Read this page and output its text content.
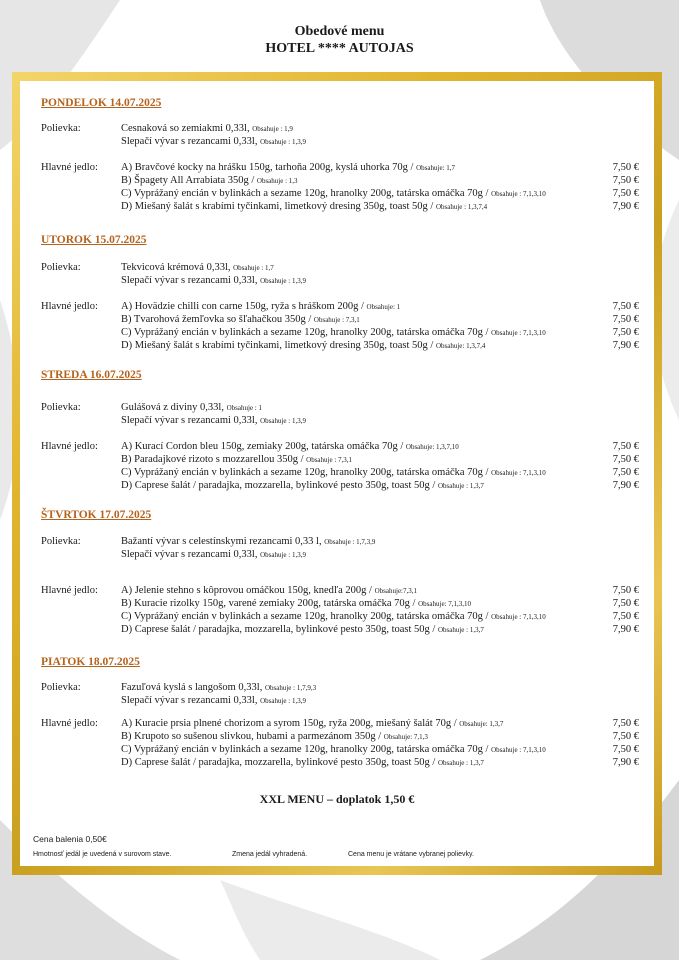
Obedové menu
HOTEL **** AUTOJAS
PONDELOK 14.07.2025
Polievka:	Cesnaková so zemiakmi 0,33l, Obsahuje : 1,9
Slepačí vývar s rezancami 0,33l, Obsahuje : 1,3,9
Hlavné jedlo: A) Bravčové kocky na hrášku 150g, tarhoňa 200g, kyslá uhorka 70g / Obsahuje: 1,7	7,50 €
B) Špagety All Arrabiata 350g / Obsahuje : 1,3	7,50 €
C) Vyprážaný encián v bylinkách a sezame 120g, hranolky 200g, tatárska omáčka 70g / Obsahuje : 7,1,3,10	7,50 €
D) Miešaný šalát s krabími tyčinkami, limetkový dresing 350g, toast 50g / Obsahuje : 1,3,7,4	7,90 €
UTOROK 15.07.2025
Polievka:	Tekvicová krémová 0,33l, Obsahuje : 1,7
Slepačí vývar s rezancami 0,33l, Obsahuje : 1,3,9
Hlavné jedlo: A) Hovädzie chilli con carne 150g, ryža s hráškom 200g / Obsahuje: 1	7,50 €
B) Tvarohová žemľovka so šľahačkou 350g / Obsahuje : 7,3,1	7,50 €
C) Vyprážaný encián v bylinkách a sezame 120g, hranolky 200g, tatárska omáčka 70g / Obsahuje : 7,1,3,10	7,50 €
D) Miešaný šalát s krabími tyčinkami, limetkový dresing 350g, toast 50g / Obsahuje: 1,3,7,4	7,90 €
STREDA 16.07.2025
Polievka:	Gulášová z diviny 0,33l, Obsahuje : 1
Slepačí vývar s rezancami 0,33l, Obsahuje : 1,3,9
Hlavné jedlo: A) Kurací Cordon bleu 150g, zemiaky 200g, tatárska omáčka 70g / Obsahuje: 1,3,7,10	7,50 €
B) Paradajkové rizoto s mozzarellou 350g / Obsahuje : 7,3,1	7,50 €
C) Vyprážaný encián v bylinkách a sezame 120g, hranolky 200g, tatárska omáčka 70g / Obsahuje : 7,1,3,10	7,50 €
D) Caprese šalát / paradajka, mozzarella, bylinkové pesto 350g, toast 50g / Obsahuje : 1,3,7	7,90 €
ŠTVRTOK 17.07.2025
Polievka:	Bažantí vývar s celestínskymi rezancami 0,33 l, Obsahuje : 1,7,3,9
Slepačí vývar s rezancami 0,33l, Obsahuje : 1,3,9
Hlavné jedlo: A) Jelenie stehno s kôprovou omáčkou 150g, knedľa 200g / Obsahuje:7,3,1	7,50 €
B) Kuracie rizolky 150g, varené zemiaky 200g, tatárska omáčka 70g / Obsahuje: 7,1,3,10	7,50 €
C) Vyprážaný encián v bylinkách a sezame 120g, hranolky 200g, tatárska omáčka 70g / Obsahuje : 7,1,3,10	7,50 €
D) Caprese šalát / paradajka, mozzarella, bylinkové pesto 350g, toast 50g / Obsahuje : 1,3,7	7,90 €
PIATOK 18.07.2025
Polievka:	Fazuľová kyslá s langošom 0,33l, Obsahuje : 1,7,9,3
Slepačí vývar s rezancami 0,33l, Obsahuje : 1,3,9
Hlavné jedlo: A) Kuracie prsia plnené chorizom a syrom 150g, ryža 200g, miešaný šalát 70g / Obsahuje: 1,3,7	7,50 €
B) Krupoto so sušenou slivkou, hubami a parmezánom 350g / Obsahuje: 7,1,3	7,50 €
C) Vyprážaný encián v bylinkách a sezame 120g, hranolky 200g, tatárska omáčka 70g / Obsahuje : 7,1,3,10	7,50 €
D) Caprese šalát / paradajka, mozzarella, bylinkové pesto 350g, toast 50g / Obsahuje : 1,3,7	7,90 €
XXL MENU – doplatok 1,50 €
Cena balenia 0,50€
Hmotnosť jedál je uvedená v surovom stave.	Zmena jedál vyhradená.	Cena menu je vrátane vybranej polievky.
